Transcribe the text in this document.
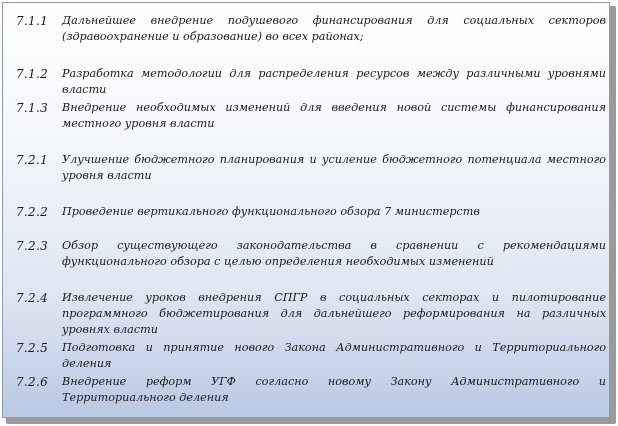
7.1.1 Дальнейшее внедрение подушевого финансирования для социальных секторов (здравоохранение и образование) во всех районах;
7.1.2 Разработка методологии для распределения ресурсов между различными уровнями власти
7.1.3 Внедрение необходимых изменений для введения новой системы финансирования местного уровня власти
7.2.1 Улучшение бюджетного планирования и усиление бюджетного потенциала местного уровня власти
7.2.2 Проведение вертикального функционального обзора 7 министерств
7.2.3 Обзор существующего законодательства в сравнении с рекомендациями функционального обзора с целью определения необходимых изменений
7.2.4 Извлечение уроков внедрения СПГР в социальных секторах и пилотирование программного бюджетирования для дальнейшего реформирования на различных уровнях власти
7.2.5 Подготовка и принятие нового Закона Административного и Территориального деления
7.2.6 Внедрение реформ УГФ согласно новому Закону Административного и Территориального деления
